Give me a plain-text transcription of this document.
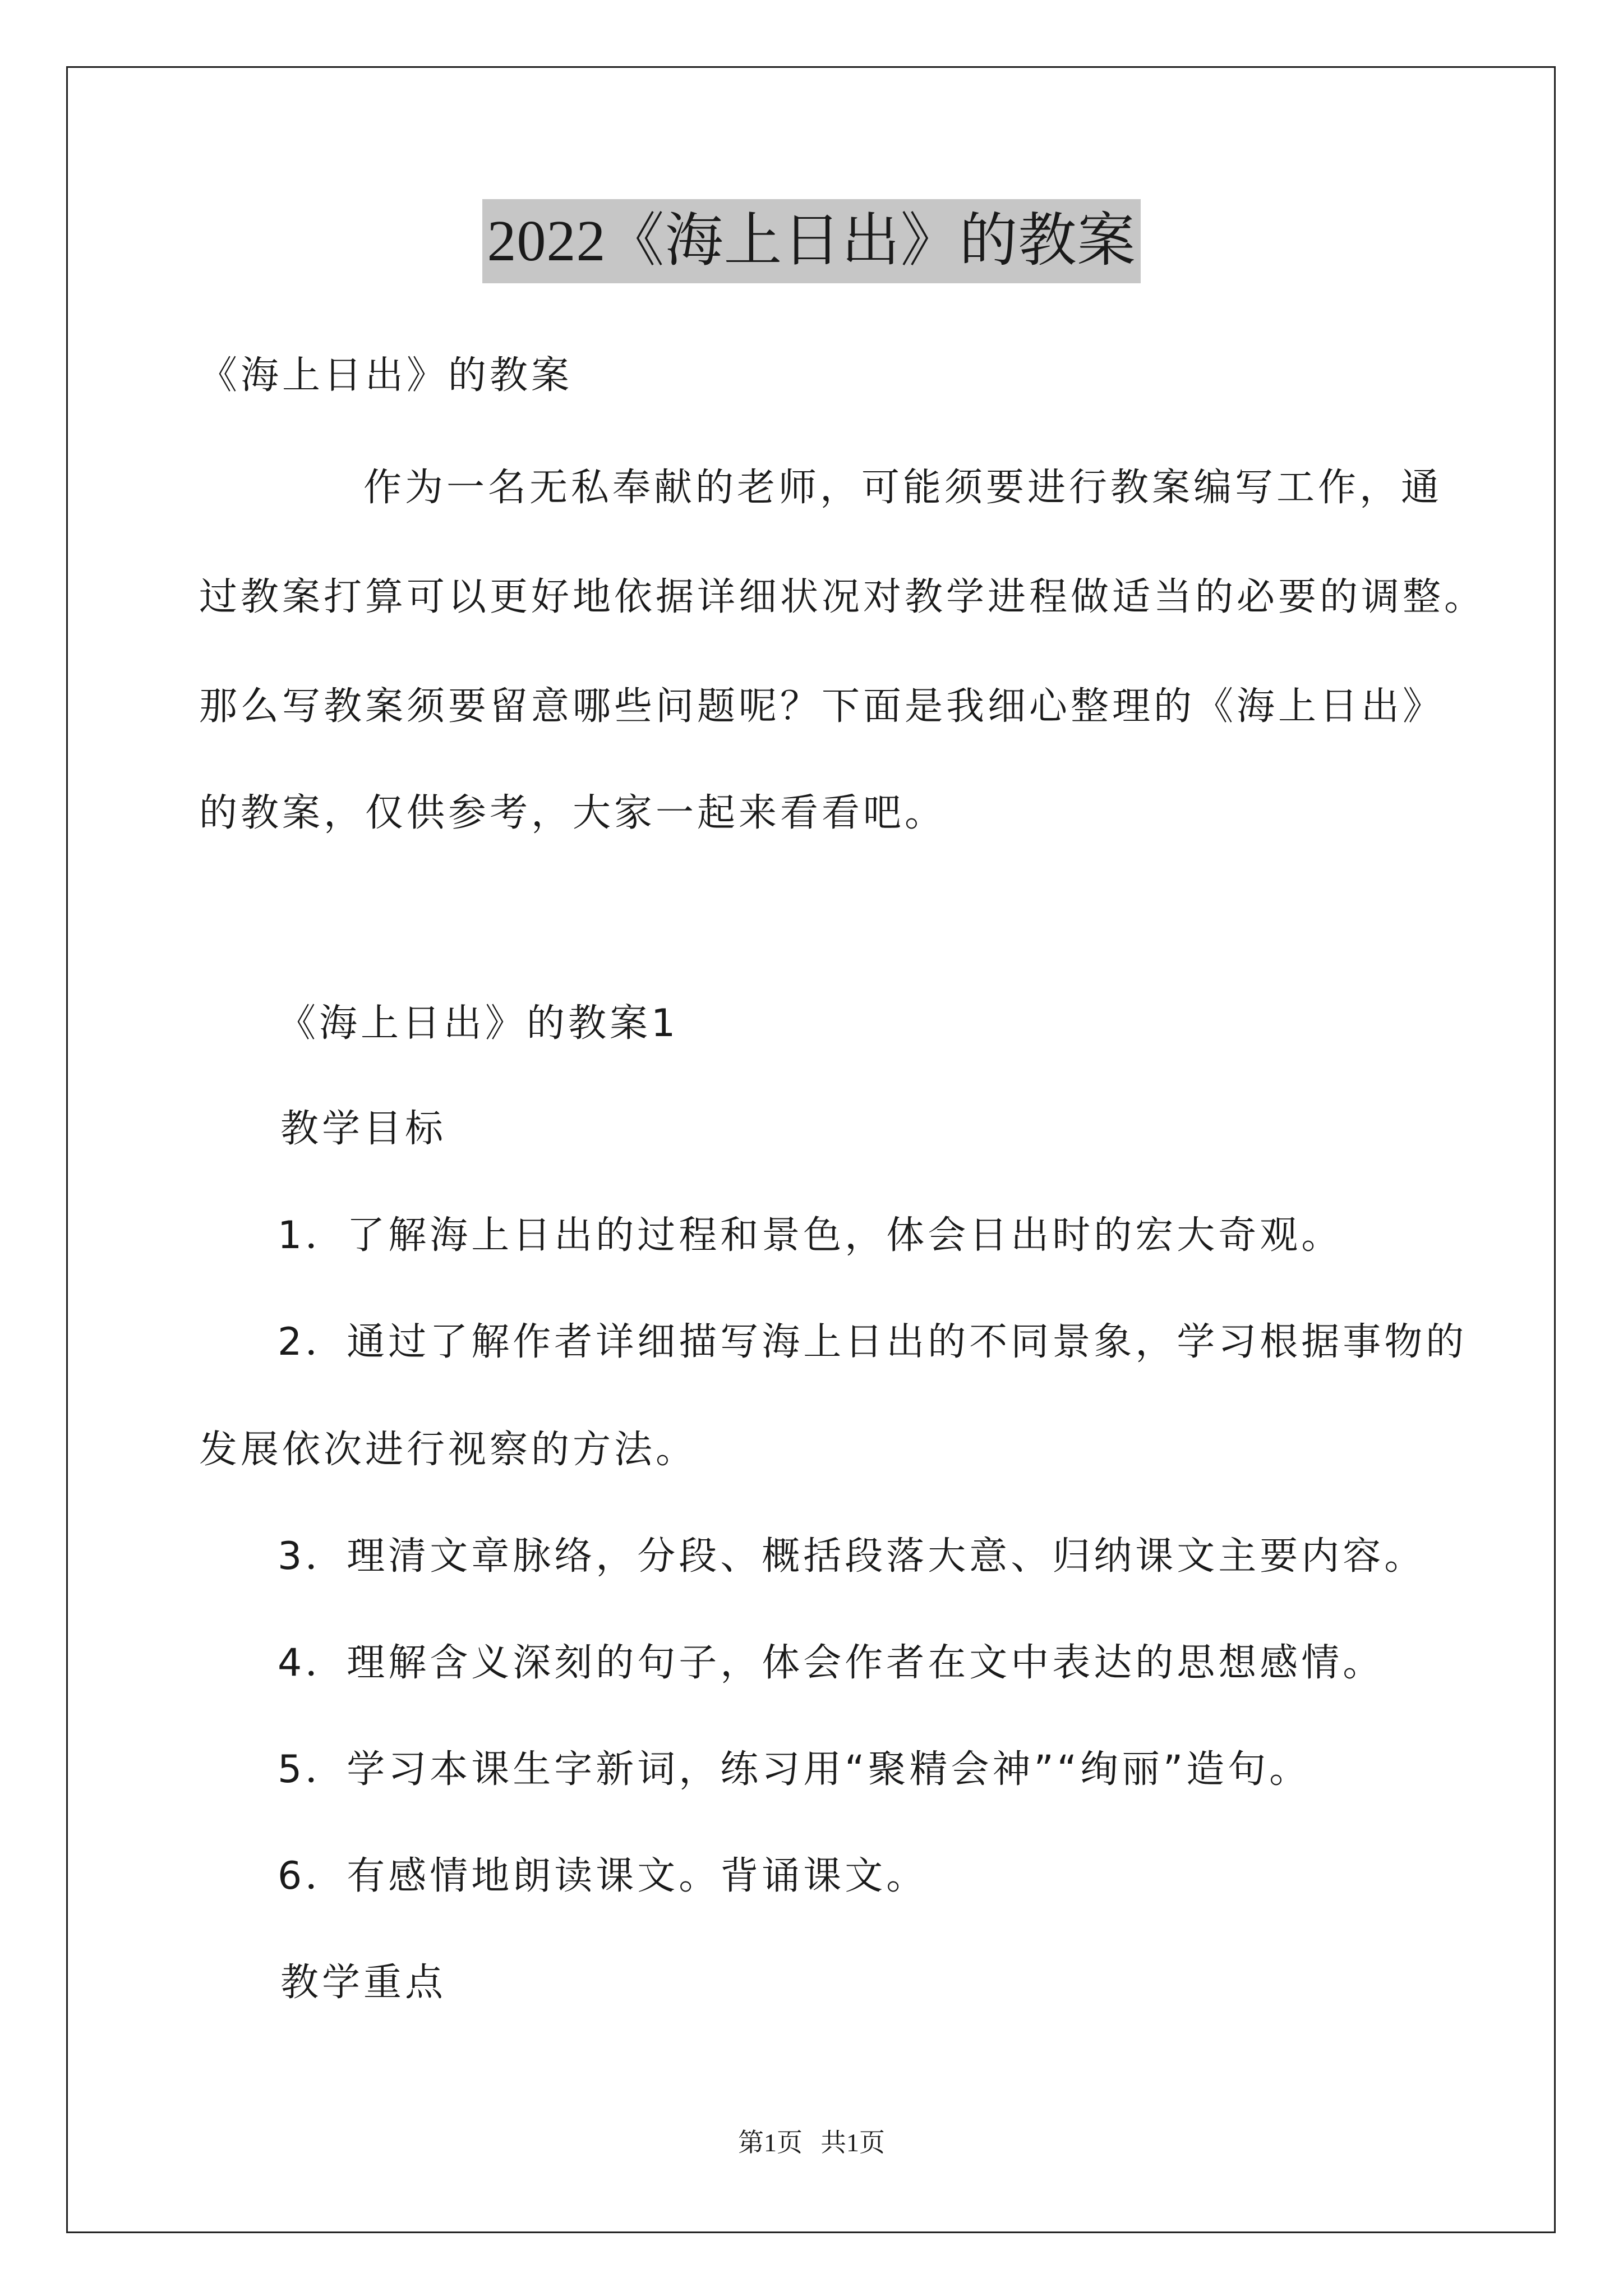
2022《海上日出》的教案
《海上日出》的教案
作为一名无私奉献的老师，可能须要进行教案编写工作，通
过教案打算可以更好地依据详细状况对教学进程做适当的必要的调整。
那么写教案须要留意哪些问题呢？下面是我细心整理的《海上日出》
的教案，仅供参考，大家一起来看看吧。
《海上日出》的教案1
教学目标
1．了解海上日出的过程和景色，体会日出时的宏大奇观。
2．通过了解作者详细描写海上日出的不同景象，学习根据事物的
发展依次进行视察的方法。
3．理清文章脉络，分段、概括段落大意、归纳课文主要内容。
4．理解含义深刻的句子，体会作者在文中表达的思想感情。
5．学习本课生字新词，练习用“聚精会神”“绚丽”造句。
6．有感情地朗读课文。背诵课文。
教学重点
第1页 共1页
